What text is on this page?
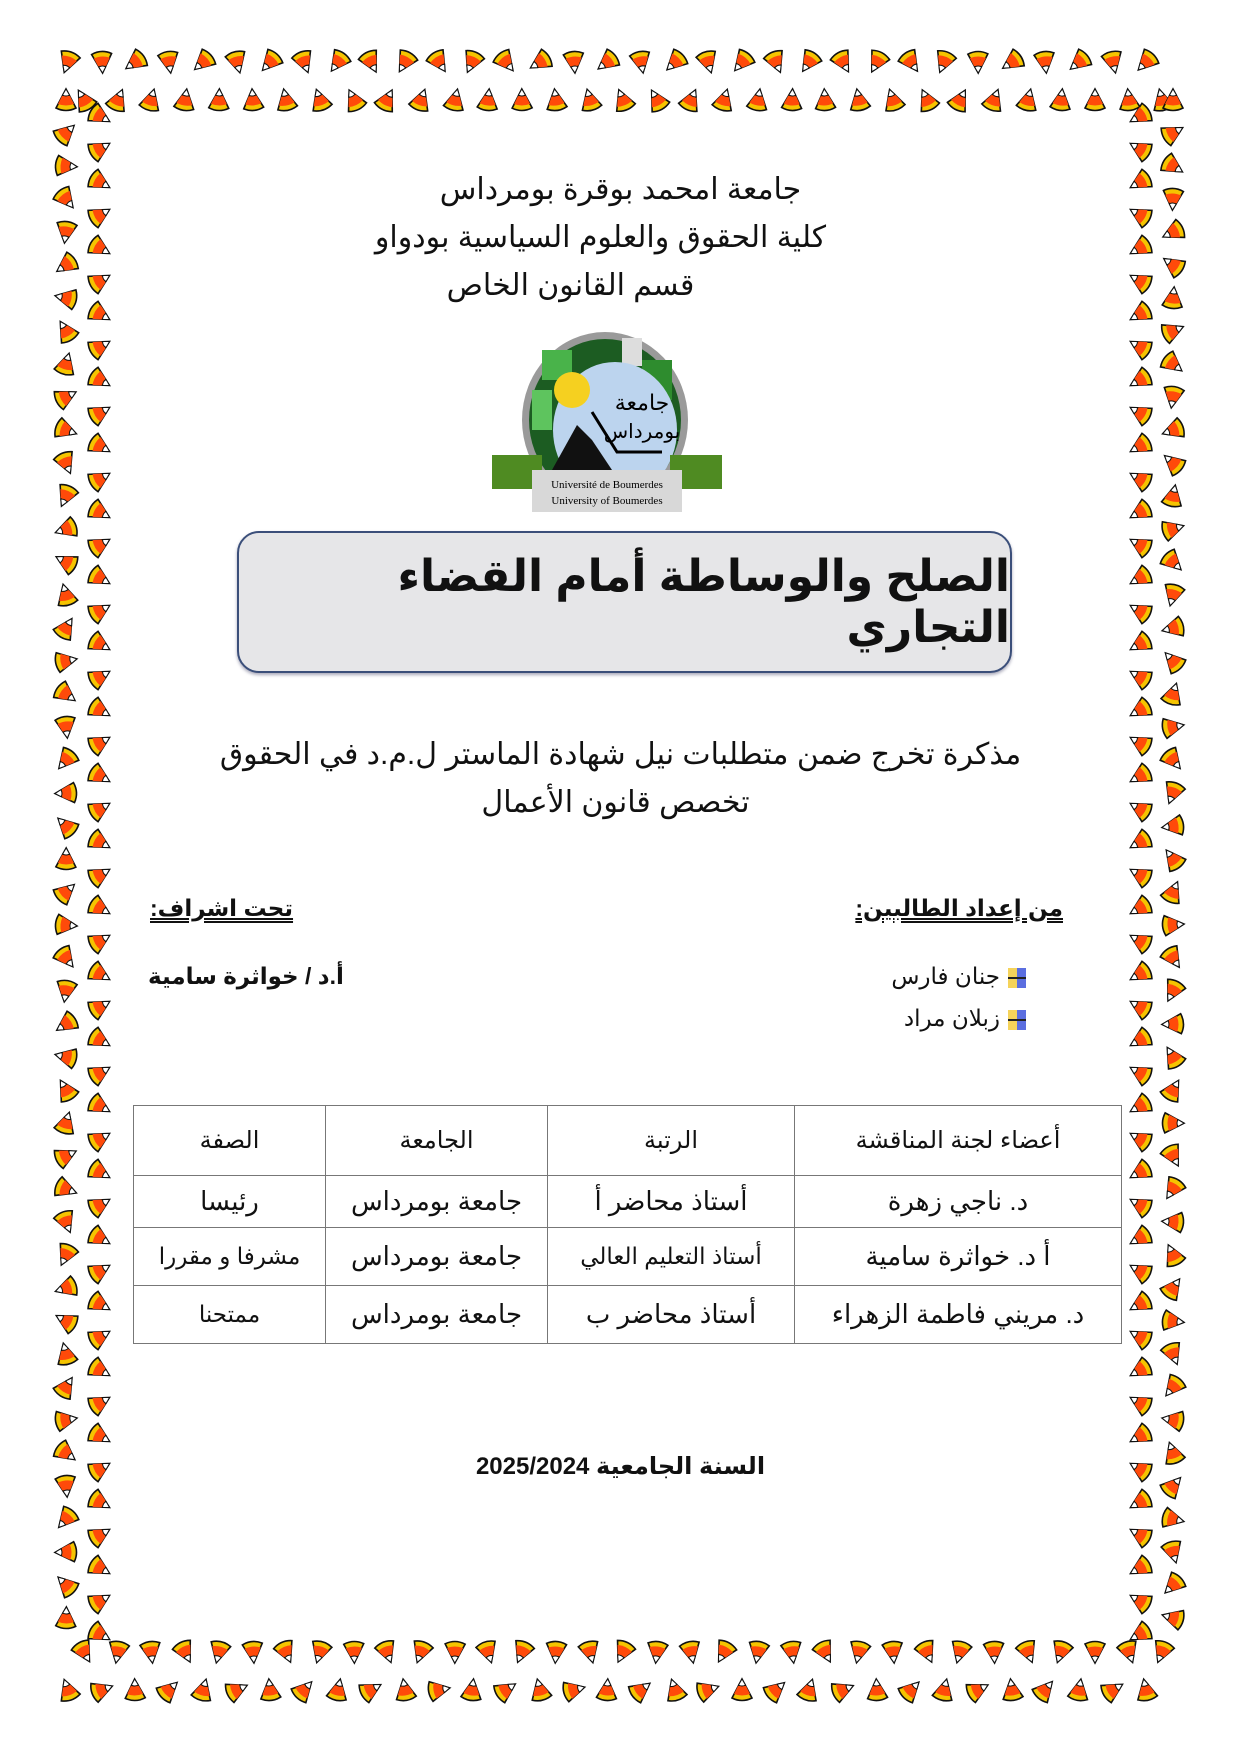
جامعة امحمد بوقرة بومرداس
كلية الحقوق والعلوم السياسية بودواو
قسم القانون الخاص
جامعة
بومرداس
Université de Boumerdes
University of Boumerdes
الصلح والوساطة أمام القضاء التجاري
مذكرة تخرج ضمن متطلبات نيل شهادة الماستر ل.م.د في الحقوق
تخصص قانون الأعمال
من إعداد الطالبين:
تحت اشراف:
جنان فارس
زبلان مراد
أ.د / خواثرة سامية
أعضاء لجنة المناقشة	الرتبة	الجامعة	الصفة
د. ناجي زهرة	أستاذ محاضر أ	جامعة بومرداس	رئيسا
أ د. خواثرة سامية	أستاذ التعليم العالي	جامعة بومرداس	مشرفا و مقررا
د. مريني فاطمة الزهراء	أستاذ محاضر ب	جامعة بومرداس	ممتحنا
السنة الجامعية 2025/2024
